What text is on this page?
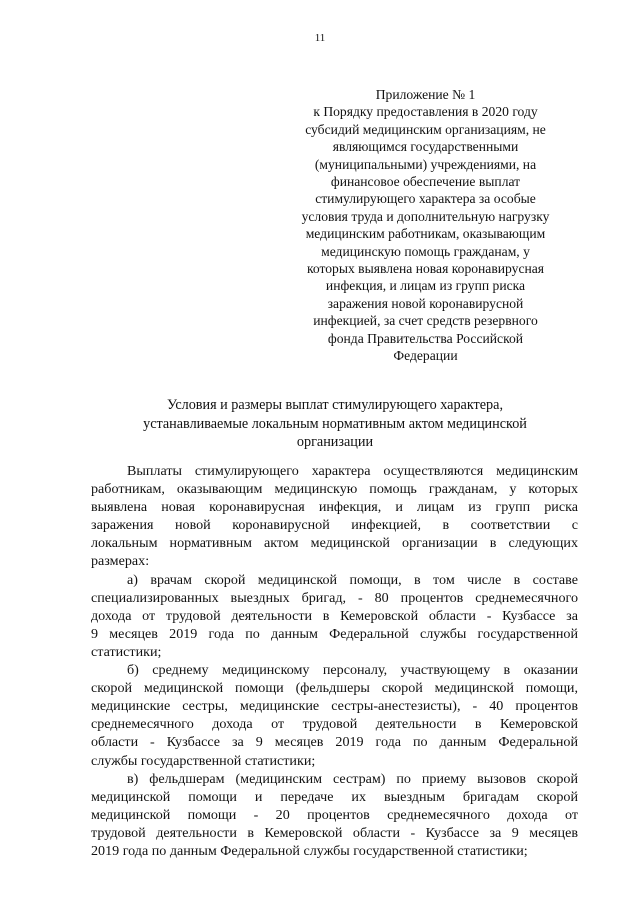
11
Приложение № 1
к Порядку предоставления в 2020 году
субсидий медицинским организациям, не
являющимся государственными
(муниципальными) учреждениями, на
финансовое обеспечение выплат
стимулирующего характера за особые
условия труда и дополнительную нагрузку
медицинским работникам, оказывающим
медицинскую помощь гражданам, у
которых выявлена новая коронавирусная
инфекция, и лицам из групп риска
заражения новой коронавирусной
инфекцией, за счет средств резервного
фонда Правительства Российской
Федерации
Условия и размеры выплат стимулирующего характера,
устанавливаемые локальным нормативным актом медицинской
организации
Выплаты стимулирующего характера осуществляются медицинским
работникам, оказывающим медицинскую помощь гражданам, у которых
выявлена новая коронавирусная инфекция, и лицам из групп риска
заражения новой коронавирусной инфекцией, в соответствии с
локальным нормативным актом медицинской организации в следующих
размерах:
а) врачам скорой медицинской помощи, в том числе в составе
специализированных выездных бригад, - 80 процентов среднемесячного
дохода от трудовой деятельности в Кемеровской области - Кузбассе за
9 месяцев 2019 года по данным Федеральной службы государственной
статистики;
б) среднему медицинскому персоналу, участвующему в оказании
скорой медицинской помощи (фельдшеры скорой медицинской помощи,
медицинские сестры, медицинские сестры-анестезисты), - 40 процентов
среднемесячного дохода от трудовой деятельности в Кемеровской
области - Кузбассе за 9 месяцев 2019 года по данным Федеральной
службы государственной статистики;
в) фельдшерам (медицинским сестрам) по приему вызовов скорой
медицинской помощи и передаче их выездным бригадам скорой
медицинской помощи - 20 процентов среднемесячного дохода от
трудовой деятельности в Кемеровской области - Кузбассе за 9 месяцев
2019 года по данным Федеральной службы государственной статистики;
